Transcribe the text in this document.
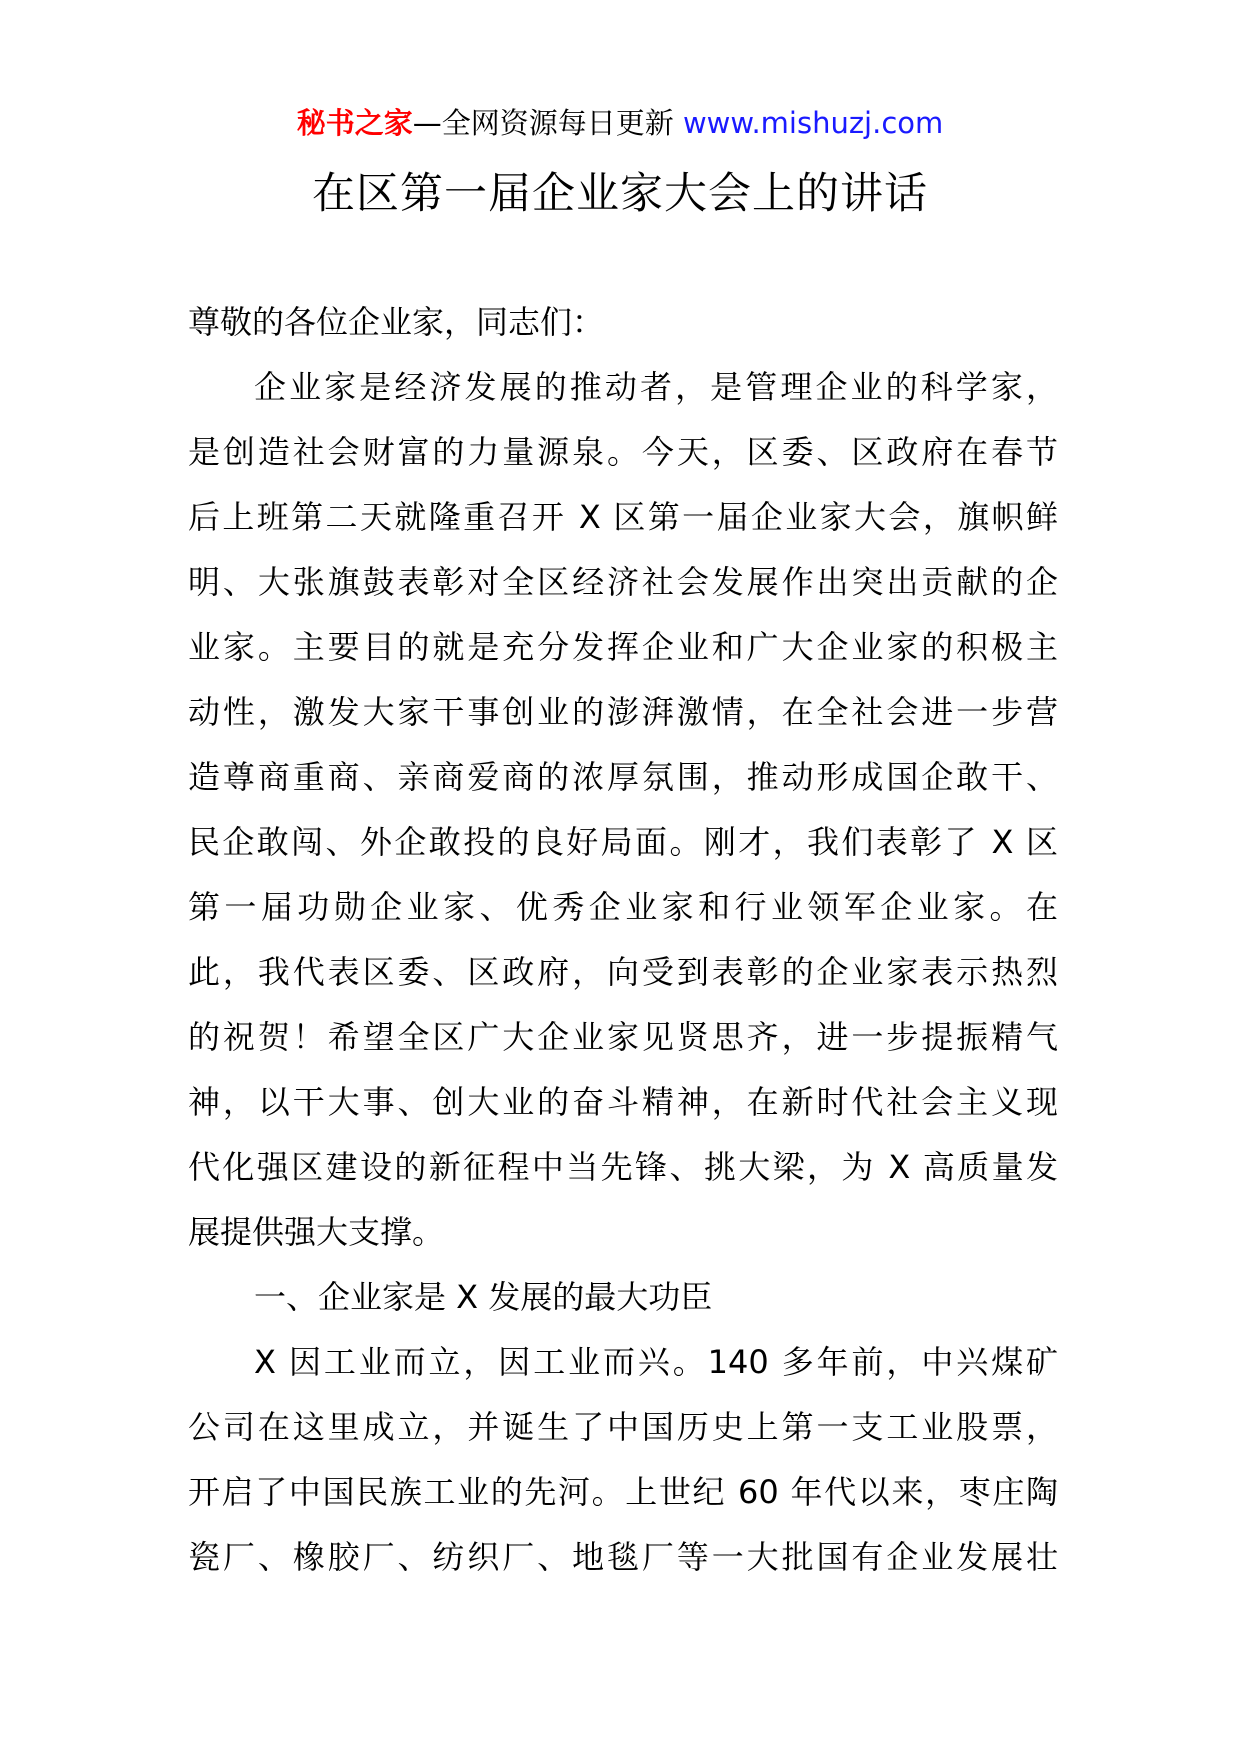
秘书之家—全网资源每日更新 www.mishuzj.com
在区第一届企业家大会上的讲话
尊敬的各位企业家，同志们：
企业家是经济发展的推动者，是管理企业的科学家，
是创造社会财富的力量源泉。今天，区委、区政府在春节
后上班第二天就隆重召开 X 区第一届企业家大会，旗帜鲜
明、大张旗鼓表彰对全区经济社会发展作出突出贡献的企
业家。主要目的就是充分发挥企业和广大企业家的积极主
动性，激发大家干事创业的澎湃激情，在全社会进一步营
造尊商重商、亲商爱商的浓厚氛围，推动形成国企敢干、
民企敢闯、外企敢投的良好局面。刚才，我们表彰了 X 区
第一届功勋企业家、优秀企业家和行业领军企业家。在
此，我代表区委、区政府，向受到表彰的企业家表示热烈
的祝贺！希望全区广大企业家见贤思齐，进一步提振精气
神，以干大事、创大业的奋斗精神，在新时代社会主义现
代化强区建设的新征程中当先锋、挑大梁，为 X 高质量发
展提供强大支撑。
一、企业家是 X 发展的最大功臣
X 因工业而立，因工业而兴。140 多年前，中兴煤矿
公司在这里成立，并诞生了中国历史上第一支工业股票，
开启了中国民族工业的先河。上世纪 60 年代以来，枣庄陶
瓷厂、橡胶厂、纺织厂、地毯厂等一大批国有企业发展壮
